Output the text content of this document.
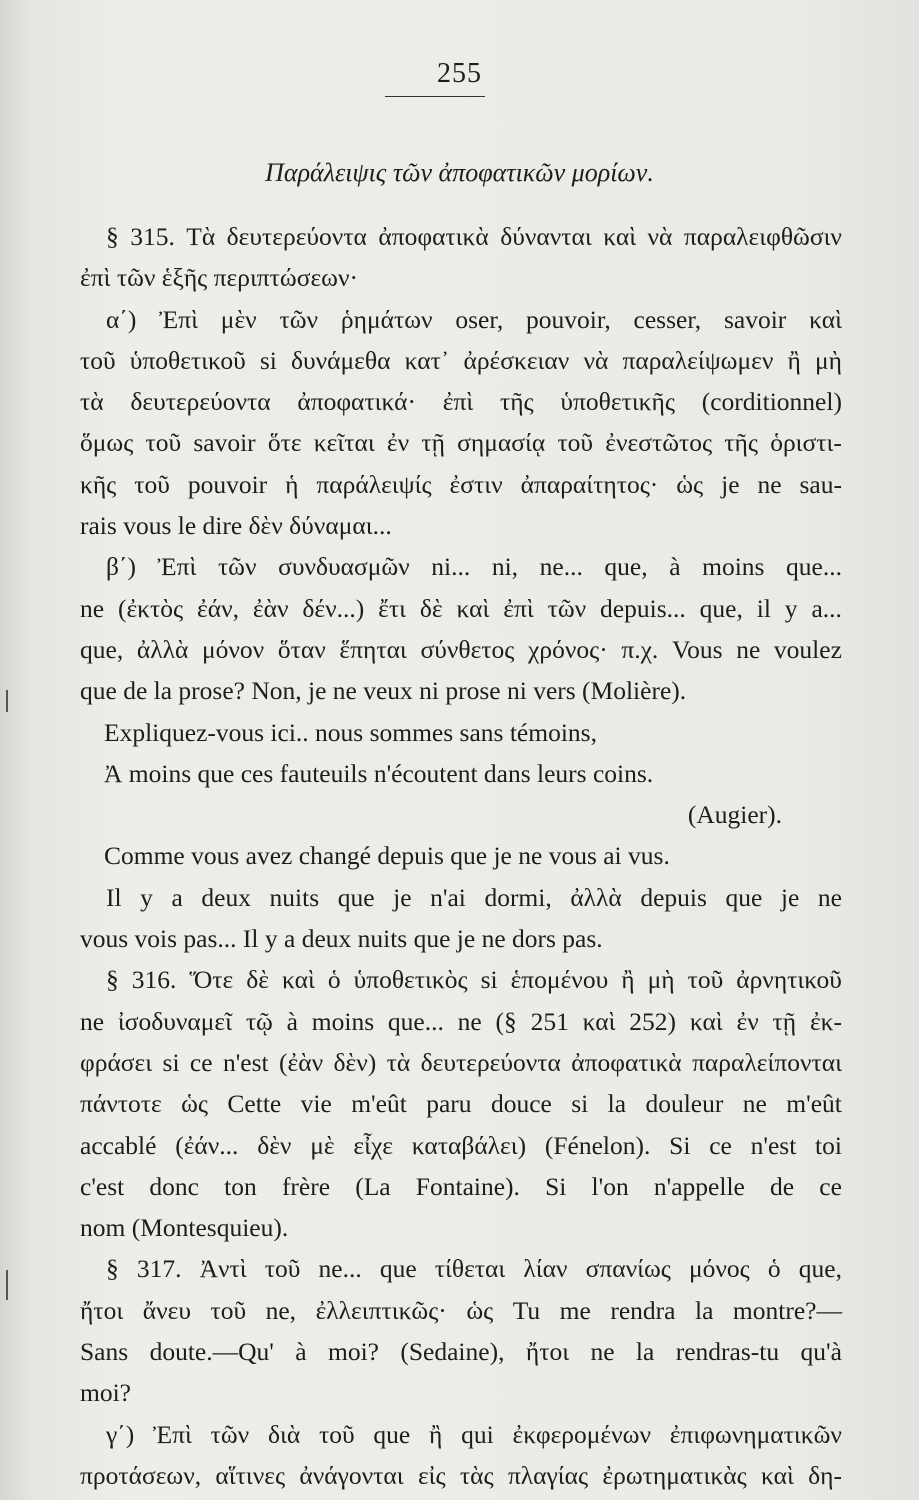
255
Παράλειψις τῶν ἀποφατικῶν μορίων.
§ 315. Τὰ δευτερεύοντα ἀποφατικὰ δύνανται καὶ νὰ παραλειφθῶσιν
ἐπὶ τῶν ἑξῆς περιπτώσεων·
α΄) Ἐπὶ μὲν τῶν ῥημάτων oser, pouvoir, cesser, savoir καὶ
τοῦ ὑποθετικοῦ si δυνάμεθα κατ᾽ ἀρέσκειαν νὰ παραλείψωμεν ἢ μὴ
τὰ δευτερεύοντα ἀποφατικά· ἐπὶ τῆς ὑποθετικῆς (corditionnel)
ὅμως τοῦ savoir ὅτε κεῖται ἐν τῇ σημασίᾳ τοῦ ἐνεστῶτος τῆς ὁριστι-
κῆς τοῦ pouvoir ἡ παράλειψίς ἐστιν ἀπαραίτητος· ὡς je ne sau-
rais vous le dire δὲν δύναμαι...
β΄) Ἐπὶ τῶν συνδυασμῶν ni... ni, ne... que, à moins que...
ne (ἐκτὸς ἐάν, ἐὰν δέν...) ἔτι δὲ καὶ ἐπὶ τῶν depuis... que, il y a...
que, ἀλλὰ μόνον ὅταν ἕπηται σύνθετος χρόνος· π.χ. Vous ne voulez
que de la prose? Non, je ne veux ni prose ni vers (Molière).
Expliquez-vous ici.. nous sommes sans témoins,
Ἀ moins que ces fauteuils n'écoutent dans leurs coins.
(Augier).
Comme vous avez changé depuis que je ne vous ai vus.
Il y a deux nuits que je n'ai dormi, ἀλλὰ depuis que je ne
vous vois pas... Il y a deux nuits que je ne dors pas.
§ 316. Ὅτε δὲ καὶ ὁ ὑποθετικὸς si ἑπομένου ἢ μὴ τοῦ ἀρνητικοῦ
ne ἰσοδυναμεῖ τῷ à moins que... ne (§ 251 καὶ 252) καὶ ἐν τῇ ἐκ-
φράσει si ce n'est (ἐὰν δὲν) τὰ δευτερεύοντα ἀποφατικὰ παραλείπονται
πάντοτε ὡς Cette vie m'eût paru douce si la douleur ne m'eût
accablé (ἐάν... δὲν μὲ εἶχε καταβάλει) (Fénelon). Si ce n'est toi
c'est donc ton frère (La Fontaine). Si l'on n'appelle de ce
nom (Montesquieu).
§ 317. Ἀντὶ τοῦ ne... que τίθεται λίαν σπανίως μόνος ὁ que,
ἤτοι ἄνευ τοῦ ne, ἐλλειπτικῶς· ὡς Tu me rendra la montre?—
Sans doute.—Qu' à moi? (Sedaine), ἤτοι ne la rendras-tu qu'à
moi?
γ΄) Ἐπὶ τῶν διὰ τοῦ que ἢ qui ἐκφερομένων ἐπιφωνηματικῶν
προτάσεων, αἵτινες ἀνάγονται εἰς τὰς πλαγίας ἐρωτηματικὰς καὶ δη-
